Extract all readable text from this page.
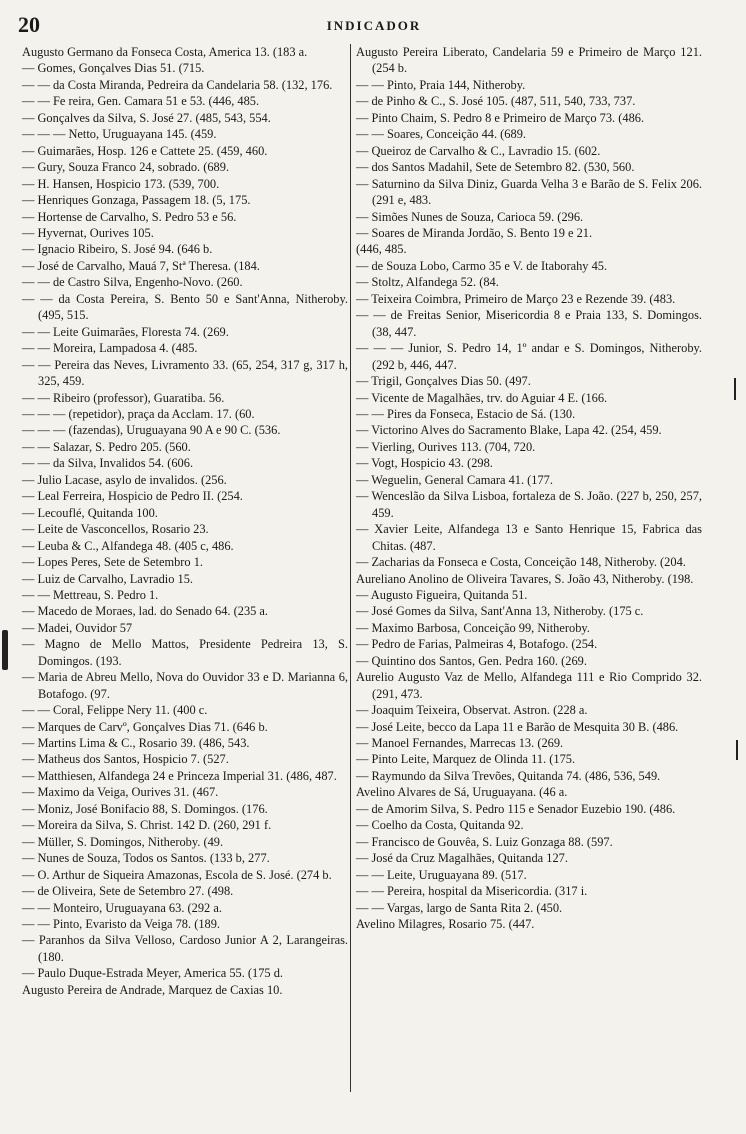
20	INDICADOR

Augusto Germano da Fonseca Costa, America 13. (183 a.

— Gomes, Gonçalves Dias 51. (715.

— — da Costa Miranda, Pedreira da Candelaria 58. (132, 176.

— — Fe reira, Gen. Camara 51 e 53. (446, 485.

— Gonçalves da Silva, S. José 27. (485, 543, 554.

— — — Netto, Uruguayana 145. (459.

— Guimarães, Hosp. 126 e Cattete 25. (459, 460.

— Gury, Souza Franco 24, sobrado. (689.

— H. Hansen, Hospicio 173. (539, 700.

— Henriques Gonzaga, Passagem 18. (5, 175.

— Hortense de Carvalho, S. Pedro 53 e 56.

— Hyvernat, Ourives 105.

— Ignacio Ribeiro, S. José 94. (646 b.

— José de Carvalho, Mauá 7, Stª Theresa. (184.

— — de Castro Silva, Engenho-Novo. (260.

— — da Costa Pereira, S. Bento 50 e Sant'Anna, Nitheroby. (495, 515.

— — Leite Guimarães, Floresta 74. (269.

— — Moreira, Lampadosa 4. (485.

— — Pereira das Neves, Livramento 33. (65, 254, 317 g, 317 h, 325, 459.

— — Ribeiro (professor), Guaratiba. 56.

— — — (repetidor), praça da Acclam. 17. (60.

— — — (fazendas), Uruguayana 90 A e 90 C. (536.

— — Salazar, S. Pedro 205. (560.

— — da Silva, Invalidos 54. (606.

— Julio Lacase, asylo de invalidos. (256.

— Leal Ferreira, Hospicio de Pedro II. (254.

— Lecouflé, Quitanda 100.

— Leite de Vasconcellos, Rosario 23.

— Leuba & C., Alfandega 48. (405 c, 486.

— Lopes Peres, Sete de Setembro 1.

— Luiz de Carvalho, Lavradio 15.

— — Mettreau, S. Pedro 1.

— Macedo de Moraes, lad. do Senado 64. (235 a.

— Madei, Ouvidor 57

— Magno de Mello Mattos, Presidente Pedreira 13, S. Domingos. (193.

— Maria de Abreu Mello, Nova do Ouvidor 33 e D. Marianna 6, Botafogo. (97.

— — Coral, Felippe Nery 11. (400 c.

— Marques de Carvº, Gonçalves Dias 71. (646 b.

— Martins Lima & C., Rosario 39. (486, 543.

— Matheus dos Santos, Hospicio 7. (527.

— Matthiesen, Alfandega 24 e Princeza Imperial 31. (486, 487.

— Maximo da Veiga, Ourives 31. (467.

— Moniz, José Bonifacio 88, S. Domingos. (176.

— Moreira da Silva, S. Christ. 142 D. (260, 291 f.

— Müller, S. Domingos, Nitheroby. (49.

— Nunes de Souza, Todos os Santos. (133 b, 277.

— O. Arthur de Siqueira Amazonas, Escola de S. José. (274 b.

— de Oliveira, Sete de Setembro 27. (498.

— — Monteiro, Uruguayana 63. (292 a.

— — Pinto, Evaristo da Veiga 78. (189.

— Paranhos da Silva Velloso, Cardoso Junior A 2, Larangeiras. (180.

— Paulo Duque-Estrada Meyer, America 55. (175 d.

Augusto Pereira de Andrade, Marquez de Caxias 10.

Augusto Pereira Liberato, Candelaria 59 e Primeiro de Março 121. (254 b.

— — Pinto, Praia 144, Nitheroby.

— de Pinho & C., S. José 105. (487, 511, 540, 733, 737.

— Pinto Chaim, S. Pedro 8 e Primeiro de Março 73. (486.

— — Soares, Conceição 44. (689.

— Queiroz de Carvalho & C., Lavradio 15. (602.

— dos Santos Madahil, Sete de Setembro 82. (530, 560.

— Saturnino da Silva Diniz, Guarda Velha 3 e Barão de S. Felix 206. (291 e, 483.

— Simões Nunes de Souza, Carioca 59. (296.

— Soares de Miranda Jordão, S. Bento 19 e 21.

(446, 485.

— de Souza Lobo, Carmo 35 e V. de Itaborahy 45.

— Stoltz, Alfandega 52. (84.

— Teixeira Coimbra, Primeiro de Março 23 e Rezende 39. (483.

— — de Freitas Senior, Misericordia 8 e Praia 133, S. Domingos. (38, 447.

— — — Junior, S. Pedro 14, 1º andar e S. Domingos, Nitheroby. (292 b, 446, 447.

— Trigil, Gonçalves Dias 50. (497.

— Vicente de Magalhães, trv. do Aguiar 4 E. (166.

— — Pires da Fonseca, Estacio de Sá. (130.

— Victorino Alves do Sacramento Blake, Lapa 42. (254, 459.

— Vierling, Ourives 113. (704, 720.

— Vogt, Hospicio 43. (298.

— Weguelin, General Camara 41. (177.

— Wenceslão da Silva Lisboa, fortaleza de S. João. (227 b, 250, 257, 459.

— Xavier Leite, Alfandega 13 e Santo Henrique 15, Fabrica das Chitas. (487.

— Zacharias da Fonseca e Costa, Conceição 148, Nitheroby. (204.

Aureliano Anolino de Oliveira Tavares, S. João 43, Nitheroby. (198.

— Augusto Figueira, Quitanda 51.

— José Gomes da Silva, Sant'Anna 13, Nitheroby. (175 c.

— Maximo Barbosa, Conceição 99, Nitheroby.

— Pedro de Farias, Palmeiras 4, Botafogo. (254.

— Quintino dos Santos, Gen. Pedra 160. (269.

Aurelio Augusto Vaz de Mello, Alfandega 111 e Rio Comprido 32. (291, 473.

— Joaquim Teixeira, Observat. Astron. (228 a.

— José Leite, becco da Lapa 11 e Barão de Mesquita 30 B. (486.

— Manoel Fernandes, Marrecas 13. (269.

— Pinto Leite, Marquez de Olinda 11. (175.

— Raymundo da Silva Trevões, Quitanda 74. (486, 536, 549.

Avelino Alvares de Sá, Uruguayana. (46 a.

— de Amorim Silva, S. Pedro 115 e Senador Euzebio 190. (486.

— Coelho da Costa, Quitanda 92.

— Francisco de Gouvêa, S. Luiz Gonzaga 88. (597.

— José da Cruz Magalhães, Quitanda 127.

— — Leite, Uruguayana 89. (517.

— — Pereira, hospital da Misericordia. (317 i.

— — Vargas, largo de Santa Rita 2. (450.

Avelino Milagres, Rosario 75. (447.
